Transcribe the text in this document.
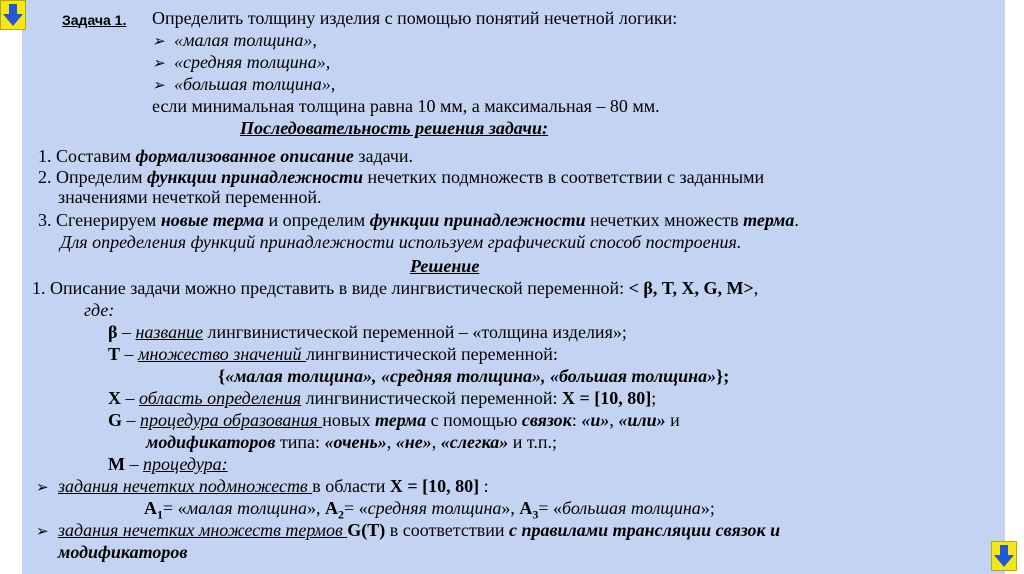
Задача 1. Определить толщину изделия с помощью понятий нечетной логики:
➢ «малая толщина»,
➢ «средняя толщина»,
➢ «большая толщина»,
если минимальная толщина равна 10 мм, а максимальная – 80 мм.
Последовательность решения задачи:
1. Составим формализованное описание задачи.
2. Определим функции принадлежности нечетких подмножеств в соответствии с заданными
значениями нечеткой переменной.
3. Сгенерируем новые терма и определим функции принадлежности нечетких множеств терма.
Для определения функций принадлежности используем графический способ построения.
Решение
1. Описание задачи можно представить в виде лингвистической переменной: < β, T, X, G, M>,
где:
β – название лингвинистической переменной – «толщина изделия»;
T – множество значений лингвинистической переменной:
{«малая толщина», «средняя толщина», «большая толщина»};
X – область определения лингвинистической переменной: X = [10, 80];
G – процедура образования новых терма с помощью связок: «и», «или» и
модификаторов типа: «очень», «не», «слегка» и т.п.;
M – процедура:
➢ задания нечетких подмножеств в области X = [10, 80] :
$A_1=$ «малая толщина», $A_2=$ «средняя толщина», $A_3=$ «большая толщина»;
➢ задания нечетких множеств термов G(T) в соответствии с правилами трансляции связок и
модификаторов
